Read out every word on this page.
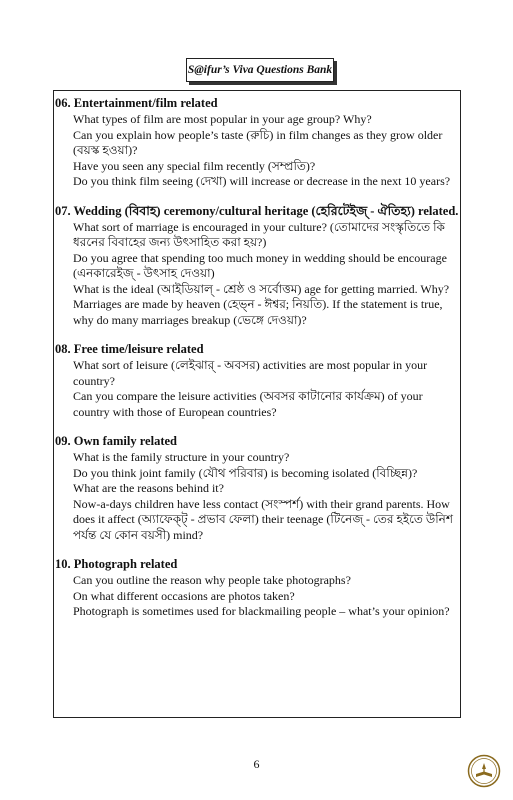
S@ifur’s Viva Questions Bank

06. Entertainment/film related

What types of film are most popular in your age group? Why?

Can you explain how people’s taste (রুচি) in film changes as they grow older (বয়স্ক হওয়া)?

Have you seen any special film recently (সম্প্রতি)?

Do you think film seeing (দেখা) will increase or decrease in the next 10 years?

07. Wedding (বিবাহ) ceremony/cultural heritage (হেরিটেইজ্‌ - ঐতিহ্য) related.

What sort of marriage is encouraged in your culture? (তোমাদের সংস্কৃতিতে কি ধরনের বিবাহের জন্য উৎসাহিত করা হয়?)

Do you agree that spending too much money in wedding should be encourage (এনকারেইজ্‌ - উৎসাহ দেওয়া)

What is the ideal (আইডিয়াল্‌ - শ্রেষ্ঠ ও সর্বোত্তম) age for getting married. Why?

Marriages are made by heaven (হেভ্‌ন - ঈশ্বর; নিয়তি). If the statement is true, why do many marriages breakup (ভেঙ্গে দেওয়া)?

08. Free time/leisure related

What sort of leisure (লেইঝার্‌ - অবসর) activities are most popular in your country?

Can you compare the leisure activities (অবসর কাটানোর কার্যক্রম) of your country with those of European countries?

09. Own family related

What is the family structure in your country?

Do you think joint family (যৌথ পরিবার) is becoming isolated (বিচ্ছিন্ন)?

What are the reasons behind it?

Now-a-days children have less contact (সংস্পর্শ) with their grand parents. How does it affect (অ্যাফেক্ট্‌ - প্রভাব ফেলা) their teenage (টিনেজ্‌ - তের হইতে উনিশ পর্যন্ত যে কোন বয়সী) mind?

10. Photograph related

Can you outline the reason why people take photographs?

On what different occasions are photos taken?

Photograph is sometimes used for blackmailing people – what’s your opinion?

6
